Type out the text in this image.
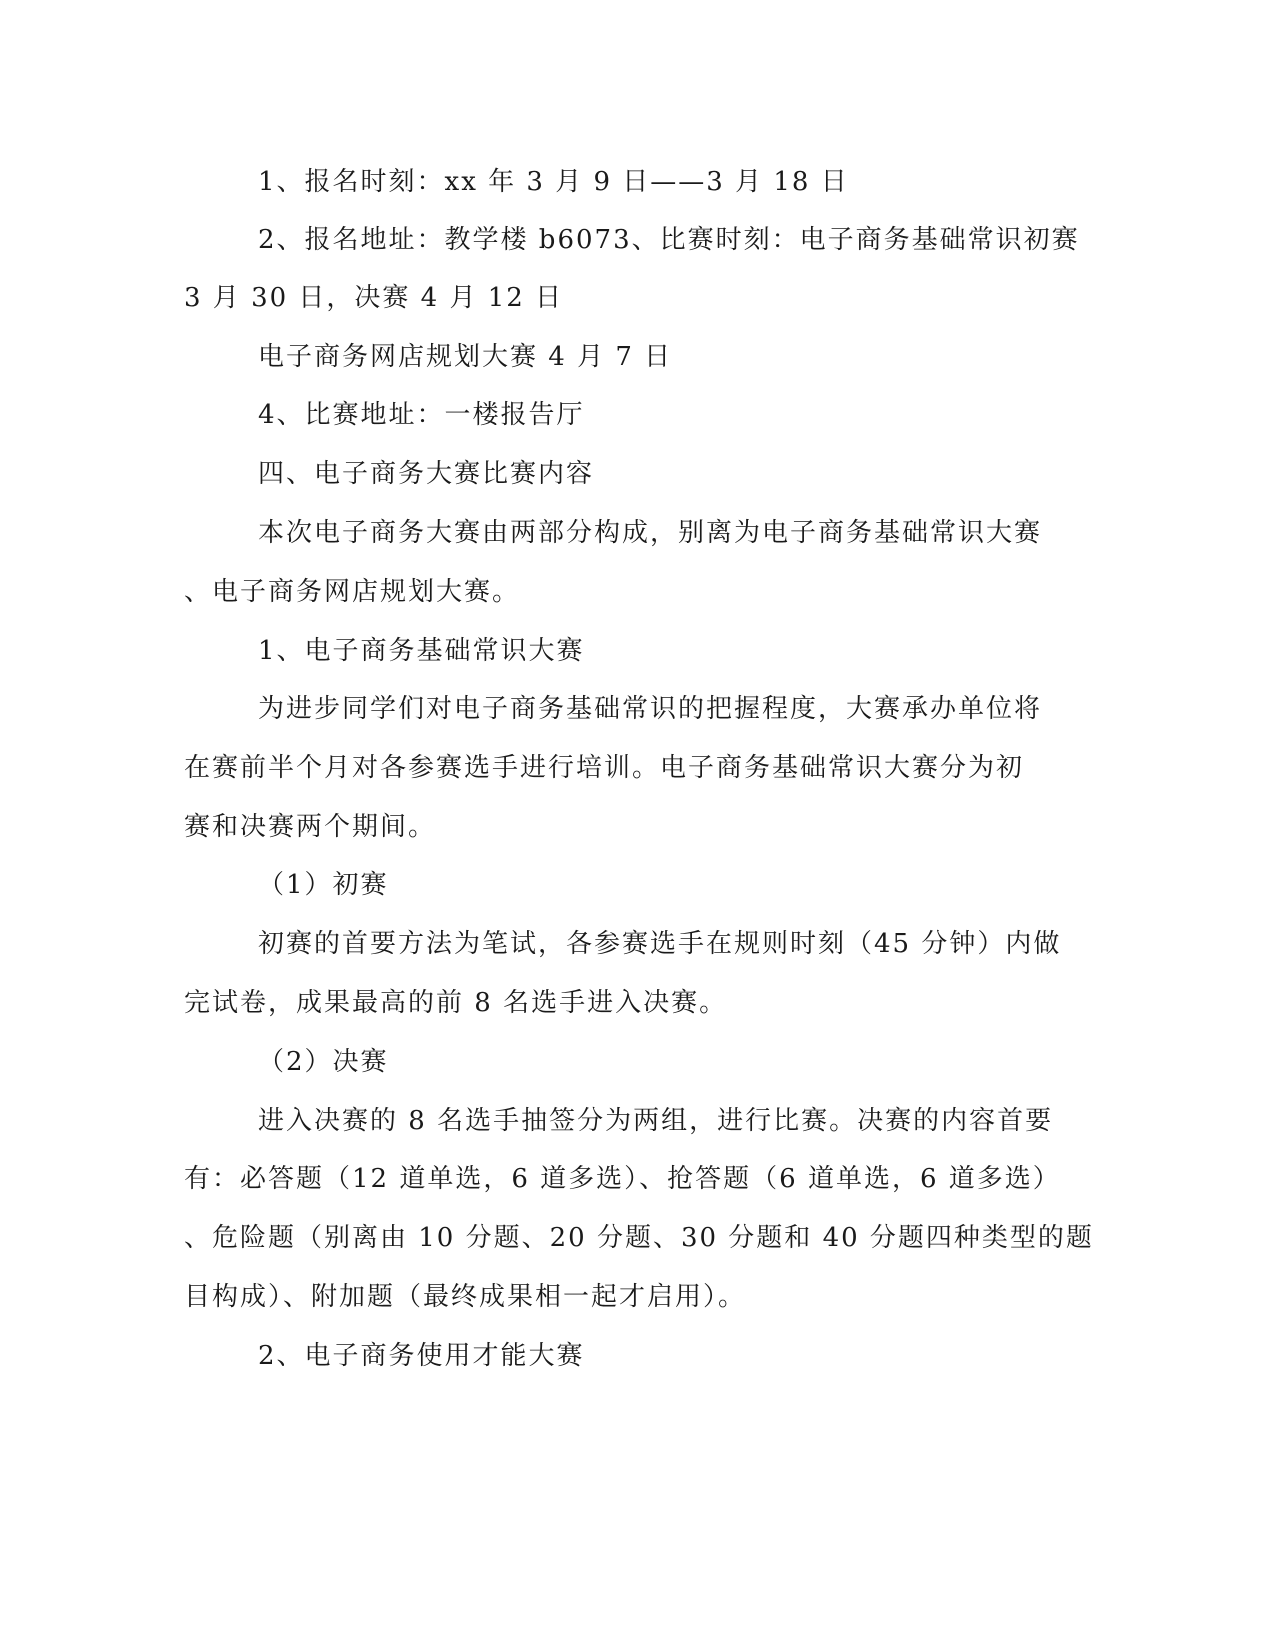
1、报名时刻：xx 年 3 月 9 日——3 月 18 日
2、报名地址：教学楼 b6073、比赛时刻：电子商务基础常识初赛
3 月 30 日，决赛 4 月 12 日
电子商务网店规划大赛 4 月 7 日
4、比赛地址：一楼报告厅
四、电子商务大赛比赛内容
本次电子商务大赛由两部分构成，别离为电子商务基础常识大赛
、电子商务网店规划大赛。
1、电子商务基础常识大赛
为进步同学们对电子商务基础常识的把握程度，大赛承办单位将
在赛前半个月对各参赛选手进行培训。电子商务基础常识大赛分为初
赛和决赛两个期间。
（1）初赛
初赛的首要方法为笔试，各参赛选手在规则时刻（45 分钟）内做
完试卷，成果最高的前 8 名选手进入决赛。
（2）决赛
进入决赛的 8 名选手抽签分为两组，进行比赛。决赛的内容首要
有：必答题（12 道单选，6 道多选）、抢答题（6 道单选，6 道多选）
、危险题（别离由 10 分题、20 分题、30 分题和 40 分题四种类型的题
目构成）、附加题（最终成果相一起才启用）。
2、电子商务使用才能大赛
